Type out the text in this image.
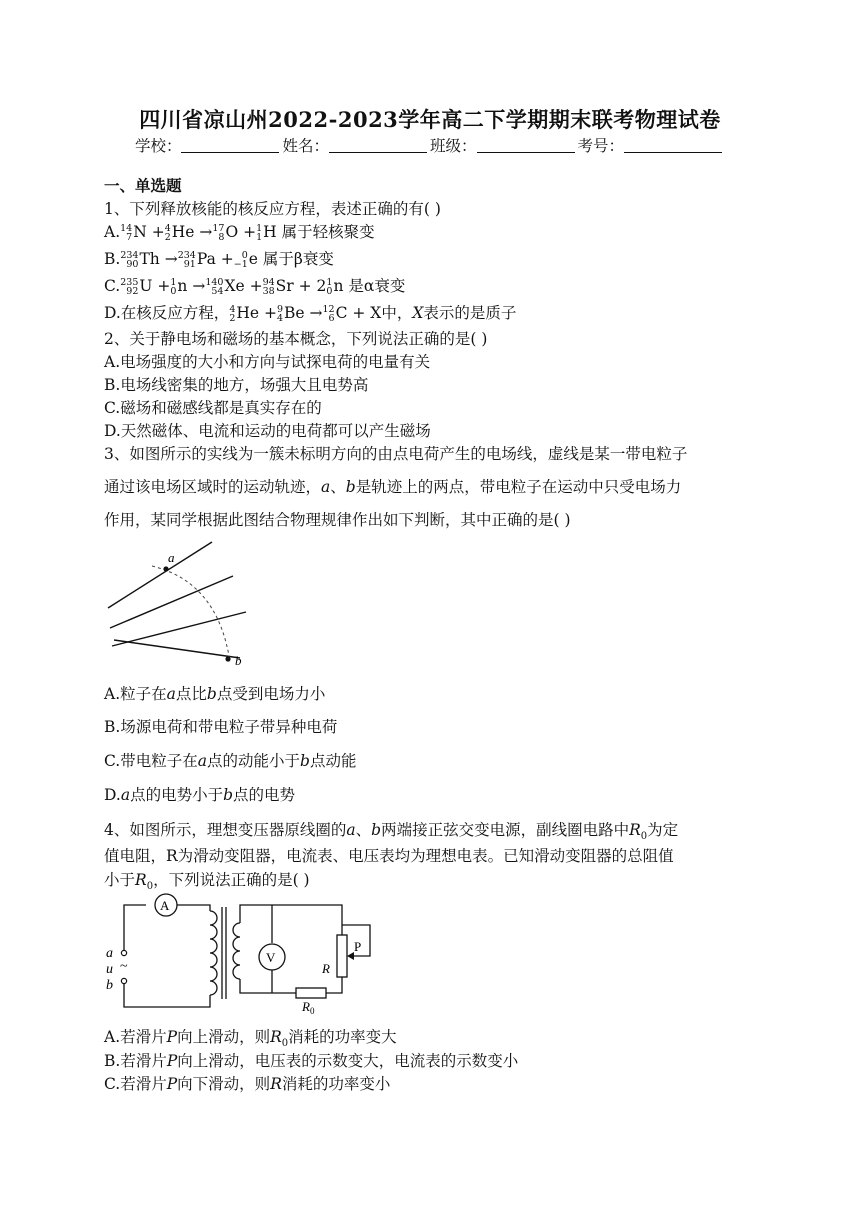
四川省凉山州2022-2023学年高二下学期期末联考物理试卷
学校：	姓名：	班级：	考号：
一、单选题
1、下列释放核能的核反应方程，表述正确的有( )
A. 14
7 N + 4
2 He → 17
8 O + 1
1 H 属于轻核聚变
B. 234
90 Th → 234
91 Pa + 0
−1 e 属于β衰变
C. 235
92 U + 1
0 n → 140
54 Xe + 94
38 Sr + 2 1
0 n 是α衰变
D.在核反应方程， 4
2 He + 9
4 Be → 12
6 C + X中，X表示的是质子
2、关于静电场和磁场的基本概念，下列说法正确的是( )
A.电场强度的大小和方向与试探电荷的电量有关
B.电场线密集的地方，场强大且电势高
C.磁场和磁感线都是真实存在的
D.天然磁体、电流和运动的电荷都可以产生磁场
3、如图所示的实线为一簇未标明方向的由点电荷产生的电场线，虚线是某一带电粒子
通过该电场区域时的运动轨迹，a、b是轨迹上的两点，带电粒子在运动中只受电场力
作用，某同学根据此图结合物理规律作出如下判断，其中正确的是( )
a
b
A.粒子在a点比b点受到电场力小
B.场源电荷和带电粒子带异种电荷
C.带电粒子在a点的动能小于b点动能
D.a点的电势小于b点的电势
4、如图所示，理想变压器原线圈的a、b两端接正弦交变电源，副线圈电路中$R_0$为定
值电阻，R为滑动变阻器，电流表、电压表均为理想电表。已知滑动变阻器的总阻值
小于$R_0$，下列说法正确的是( )
A
a
u ~
b
V
$R_0$
R
P
A.若滑片P向上滑动，则$R_0$消耗的功率变大
B.若滑片P向上滑动，电压表的示数变大，电流表的示数变小
C.若滑片P向下滑动，则R消耗的功率变小
